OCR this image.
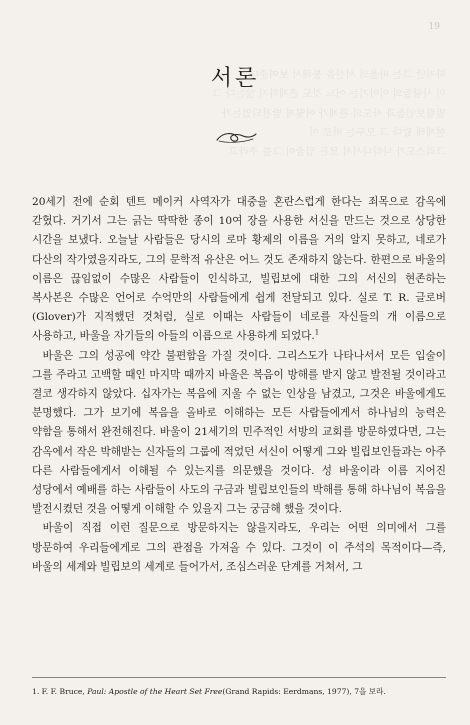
하지만 그는 바울의 서신을 통해서 보여준다

이 사람들의 이야기는 어느 것도 존재하지 않는다 그

빌립보인들과 사도의 관계가 어떻게 발전되었는가

현재해 왔다 그 모두는 바로 이

그리스도가 나타나서서 모든 입술이 그를 주라고

19
서론

20세기 전에 순회 텐트 메이커 사역자가 대중을 혼란스럽게 한다는 죄목으로 감옥에 갇혔다. 거기서 그는 긁는 딱딱한 종이 10여 장을 사용한 서신을 만드는 것으로 상당한 시간을 보냈다. 오늘날 사람들은 당시의 로마 황제의 이름을 거의 알지 못하고, 네로가 다산의 작가였을지라도, 그의 문학적 유산은 어느 것도 존재하지 않는다. 한편으로 바울의 이름은 끊임없이 수많은 사람들이 인식하고, 빌립보에 대한 그의 서신의 현존하는 복사본은 수많은 언어로 수억만의 사람들에게 쉽게 전달되고 있다. 실로 T. R. 글로버(Glover)가 지적했던 것처럼, 실로 이때는 사람들이 네로를 자신들의 개 이름으로 사용하고, 바울을 자기들의 아들의 이름으로 사용하게 되었다.$^1$

바울은 그의 성공에 약간 불편함을 가질 것이다. 그리스도가 나타나서서 모든 입술이 그를 주라고 고백할 때인 마지막 때까지 바울은 복음이 방해를 받지 않고 발전될 것이라고 결코 생각하지 않았다. 십자가는 복음에 지울 수 없는 인상을 남겼고, 그것은 바울에게도 분명했다. 그가 보기에 복음을 올바로 이해하는 모든 사람들에게서 하나님의 능력은 약함을 통해서 완전해진다. 바울이 21세기의 민주적인 서방의 교회를 방문하였다면, 그는 감옥에서 작은 박해받는 신자들의 그룹에 적었던 서신이 어떻게 그와 빌립보인들과는 아주 다른 사람들에게서 이해될 수 있는지를 의문했을 것이다. 성 바울이라 이름 지어진 성당에서 예배를 하는 사람들이 사도의 구금과 빌립보인들의 박해를 통해 하나님이 복음을 발전시켰던 것을 어떻게 이해할 수 있을지 그는 궁금해 했을 것이다.

바울이 직접 이런 질문으로 방문하지는 않을지라도, 우리는 어떤 의미에서 그를 방문하여 우리들에게로 그의 관점을 가져올 수 있다. 그것이 이 주석의 목적이다—즉, 바울의 세계와 빌립보의 세계로 들어가서, 조심스러운 단계를 거쳐서, 그

1. F. F. Bruce, Paul: Apostle of the Heart Set Free(Grand Rapids: Eerdmans, 1977), 7을 보라.
